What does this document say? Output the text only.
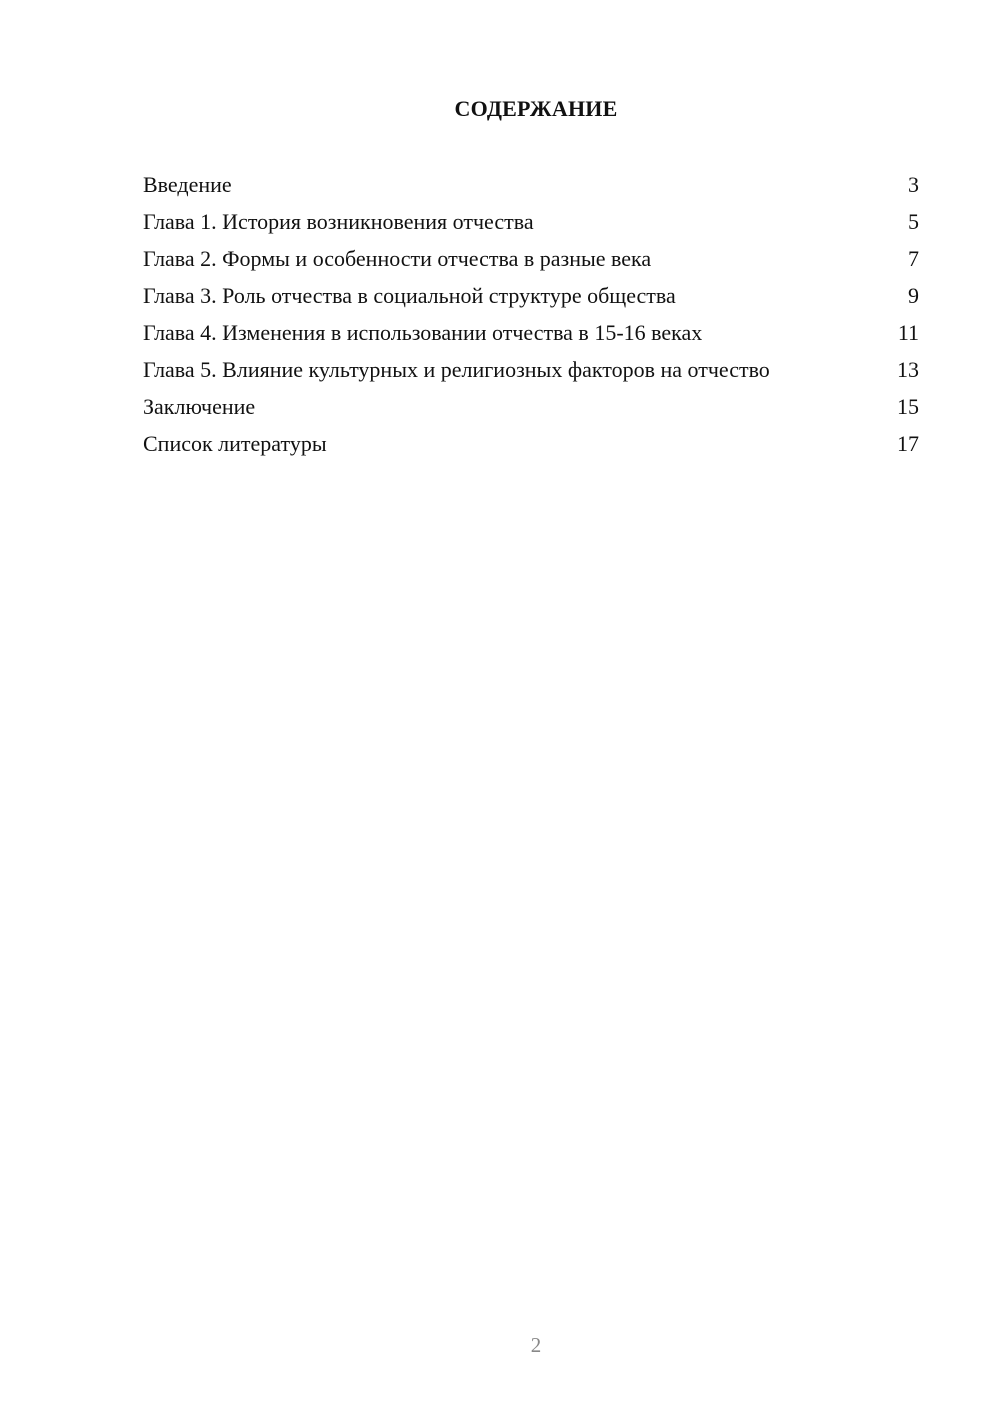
СОДЕРЖАНИЕ
Введение	3
Глава 1. История возникновения отчества	5
Глава 2. Формы и особенности отчества в разные века	7
Глава 3. Роль отчества в социальной структуре общества	9
Глава 4. Изменения в использовании отчества в 15-16 веках	11
Глава 5. Влияние культурных и религиозных факторов на отчество	13
Заключение	15
Список литературы	17
2
